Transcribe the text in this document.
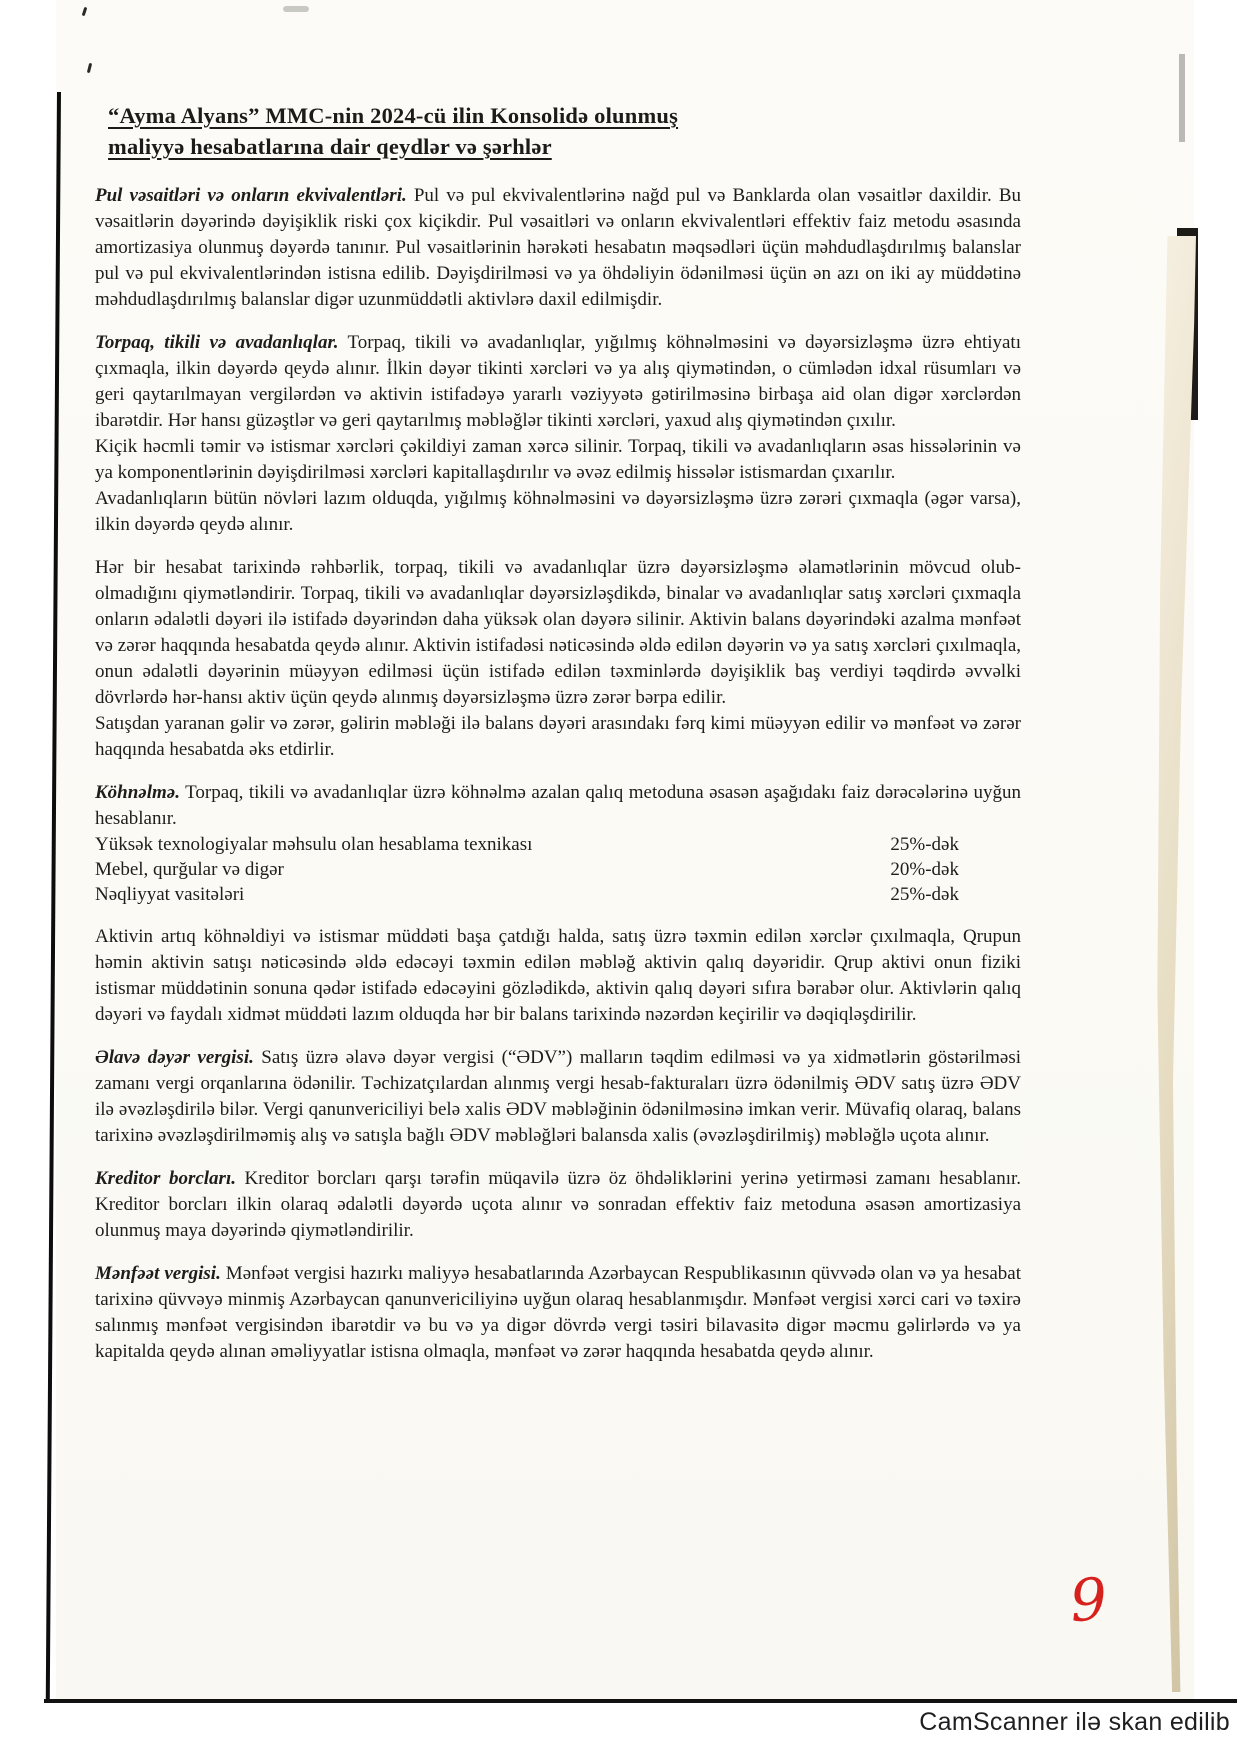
“Ayma Alyans” MMC-nin 2024-cü ilin Konsolidə olunmuş
maliyyə hesabatlarına dair qeydlər və şərhlər

Pul vəsaitləri və onların ekvivalentləri. Pul və pul ekvivalentlərinə nağd pul və Banklarda olan vəsaitlər daxildir. Bu vəsaitlərin dəyərində dəyişiklik riski çox kiçikdir. Pul vəsaitləri və onların ekvivalentləri effektiv faiz metodu əsasında amortizasiya olunmuş dəyərdə tanınır. Pul vəsaitlərinin hərəkəti hesabatın məqsədləri üçün məhdudlaşdırılmış balanslar pul və pul ekvivalentlərindən istisna edilib. Dəyişdirilməsi və ya öhdəliyin ödənilməsi üçün ən azı on iki ay müddətinə məhdudlaşdırılmış balanslar digər uzunmüddətli aktivlərə daxil edilmişdir.

Torpaq, tikili və avadanlıqlar. Torpaq, tikili və avadanlıqlar, yığılmış köhnəlməsini və dəyərsizləşmə üzrə ehtiyatı çıxmaqla, ilkin dəyərdə qeydə alınır. İlkin dəyər tikinti xərcləri və ya alış qiymətindən, o cümlədən idxal rüsumları və geri qaytarılmayan vergilərdən və aktivin istifadəyə yararlı vəziyyətə gətirilməsinə birbaşa aid olan digər xərclərdən ibarətdir. Hər hansı güzəştlər və geri qaytarılmış məbləğlər tikinti xərcləri, yaxud alış qiymətindən çıxılır.

Kiçik həcmli təmir və istismar xərcləri çəkildiyi zaman xərcə silinir. Torpaq, tikili və avadanlıqların əsas hissələrinin və ya komponentlərinin dəyişdirilməsi xərcləri kapitallaşdırılır və əvəz edilmiş hissələr istismardan çıxarılır.

Avadanlıqların bütün növləri lazım olduqda, yığılmış köhnəlməsini və dəyərsizləşmə üzrə zərəri çıxmaqla (əgər varsa), ilkin dəyərdə qeydə alınır.

Hər bir hesabat tarixində rəhbərlik, torpaq, tikili və avadanlıqlar üzrə dəyərsizləşmə əlamətlərinin mövcud olub-olmadığını qiymətləndirir. Torpaq, tikili və avadanlıqlar dəyərsizləşdikdə, binalar və avadanlıqlar satış xərcləri çıxmaqla onların ədalətli dəyəri ilə istifadə dəyərindən daha yüksək olan dəyərə silinir. Aktivin balans dəyərindəki azalma mənfəət və zərər haqqında hesabatda qeydə alınır. Aktivin istifadəsi nəticəsində əldə edilən dəyərin və ya satış xərcləri çıxılmaqla, onun ədalətli dəyərinin müəyyən edilməsi üçün istifadə edilən təxminlərdə dəyişiklik baş verdiyi təqdirdə əvvəlki dövrlərdə hər-hansı aktiv üçün qeydə alınmış dəyərsizləşmə üzrə zərər bərpa edilir.

Satışdan yaranan gəlir və zərər, gəlirin məbləği ilə balans dəyəri arasındakı fərq kimi müəyyən edilir və mənfəət və zərər haqqında hesabatda əks etdirlir.

Köhnəlmə. Torpaq, tikili və avadanlıqlar üzrə köhnəlmə azalan qalıq metoduna əsasən aşağıdakı faiz dərəcələrinə uyğun hesablanır.

Yüksək texnologiyalar məhsulu olan hesablama texnikası	25%-dək
Mebel, qurğular və digər	20%-dək
Nəqliyyat vasitələri	25%-dək

Aktivin artıq köhnəldiyi və istismar müddəti başa çatdığı halda, satış üzrə təxmin edilən xərclər çıxılmaqla, Qrupun həmin aktivin satışı nəticəsində əldə edəcəyi təxmin edilən məbləğ aktivin qalıq dəyəridir. Qrup aktivi onun fiziki istismar müddətinin sonuna qədər istifadə edəcəyini gözlədikdə, aktivin qalıq dəyəri sıfıra bərabər olur. Aktivlərin qalıq dəyəri və faydalı xidmət müddəti lazım olduqda hər bir balans tarixində nəzərdən keçirilir və dəqiqləşdirilir.

Əlavə dəyər vergisi. Satış üzrə əlavə dəyər vergisi (“ƏDV”) malların təqdim edilməsi və ya xidmətlərin göstərilməsi zamanı vergi orqanlarına ödənilir. Təchizatçılardan alınmış vergi hesab-fakturaları üzrə ödənilmiş ƏDV satış üzrə ƏDV ilə əvəzləşdirilə bilər. Vergi qanunvericiliyi belə xalis ƏDV məbləğinin ödənilməsinə imkan verir. Müvafiq olaraq, balans tarixinə əvəzləşdirilməmiş alış və satışla bağlı ƏDV məbləğləri balansda xalis (əvəzləşdirilmiş) məbləğlə uçota alınır.

Kreditor borcları. Kreditor borcları qarşı tərəfin müqavilə üzrə öz öhdəliklərini yerinə yetirməsi zamanı hesablanır. Kreditor borcları ilkin olaraq ədalətli dəyərdə uçota alınır və sonradan effektiv faiz metoduna əsasən amortizasiya olunmuş maya dəyərində qiymətləndirilir.

Mənfəət vergisi. Mənfəət vergisi hazırkı maliyyə hesabatlarında Azərbaycan Respublikasının qüvvədə olan və ya hesabat tarixinə qüvvəyə minmiş Azərbaycan qanunvericiliyinə uyğun olaraq hesablanmışdır. Mənfəət vergisi xərci cari və təxirə salınmış mənfəət vergisindən ibarətdir və bu və ya digər dövrdə vergi təsiri bilavasitə digər məcmu gəlirlərdə və ya kapitalda qeydə alınan əməliyyatlar istisna olmaqla, mənfəət və zərər haqqında hesabatda qeydə alınır.

9
CamScanner ilə skan edilib
